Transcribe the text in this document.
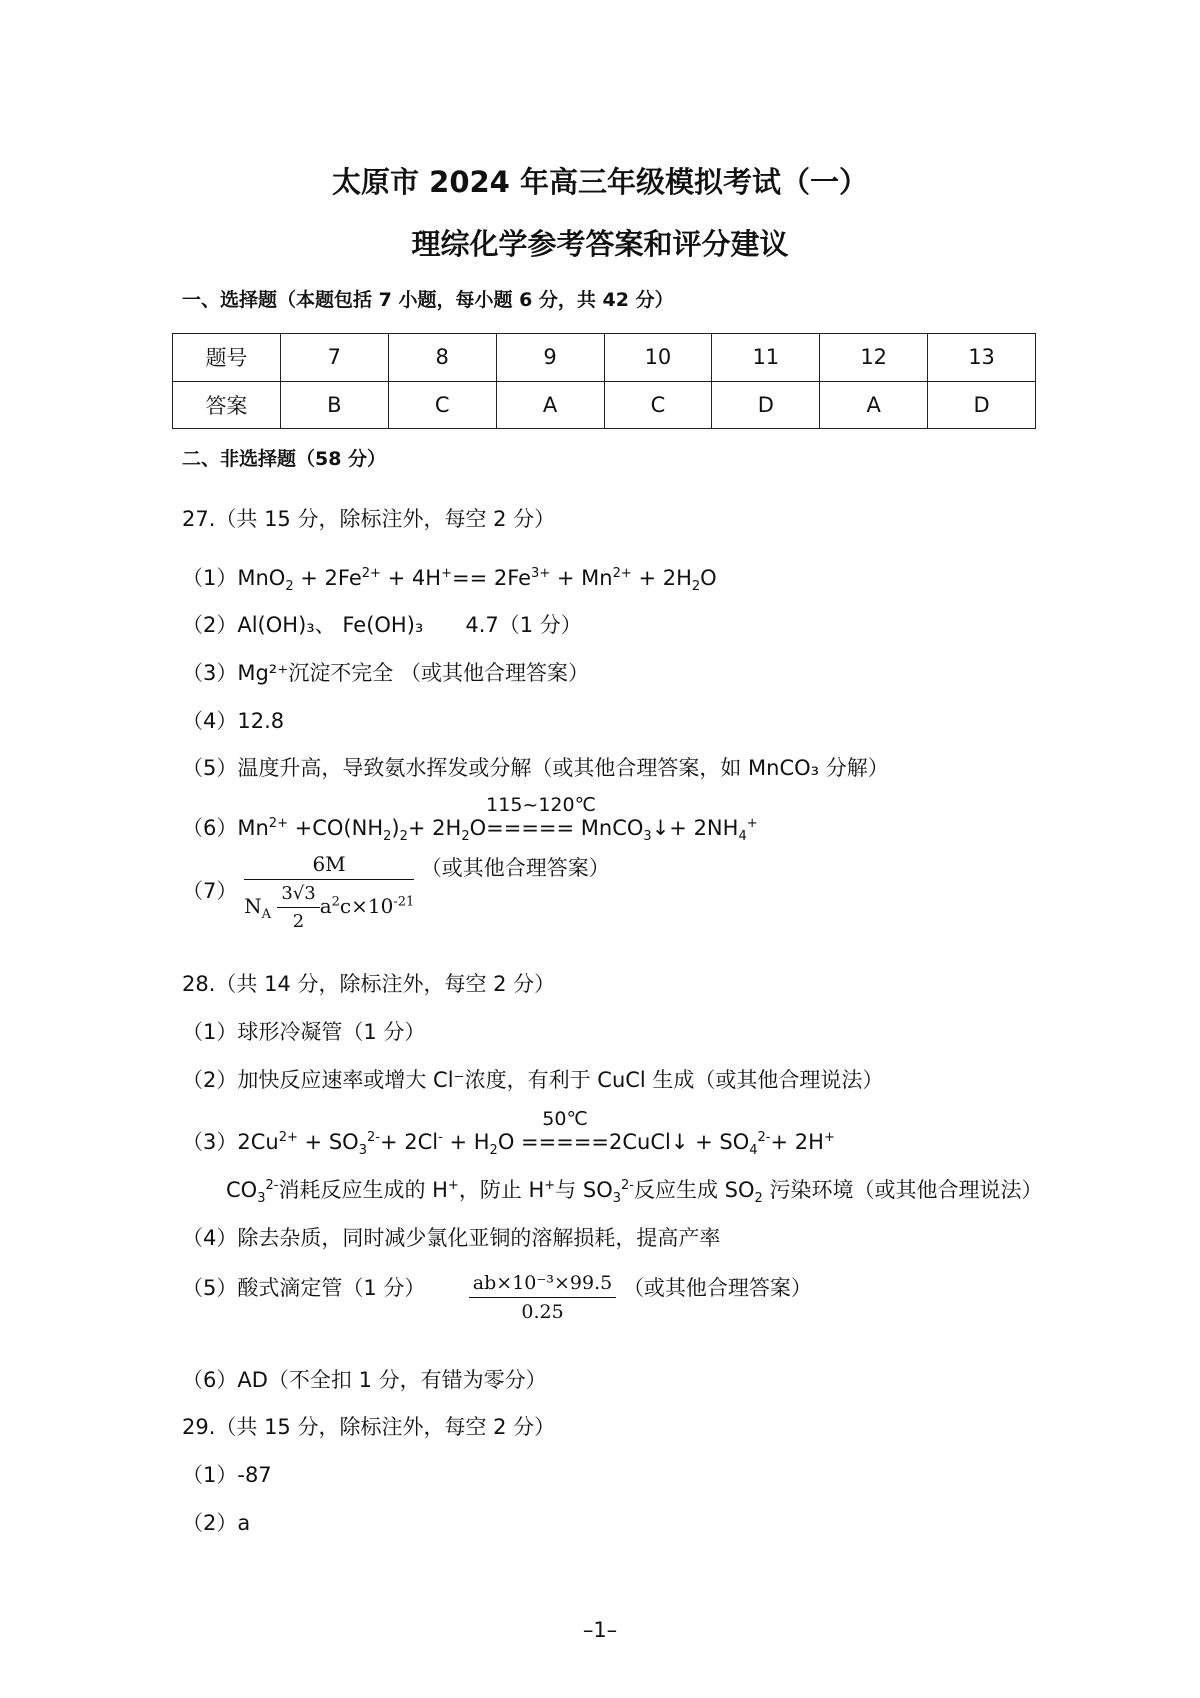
太原市 2024 年高三年级模拟考试（一）
理综化学参考答案和评分建议
一、选择题（本题包括 7 小题，每小题 6 分，共 42 分）
题号	7	8	9	10	11	12	13
答案	B	C	A	C	D	A	D
二、非选择题（58 分）
27.（共 15 分，除标注外，每空 2 分）
$(1)MnO_2 + 2Fe^{2+} + 4H^+== 2Fe^{3+} + Mn^{2+} + 2H_2O$
（2）Al(OH)₃、 Fe(OH)₃　　4.7（1 分）
（3）Mg²⁺沉淀不完全 （或其他合理答案）
（4）12.8
（5）温度升高，导致氨水挥发或分解（或其他合理答案，如 MnCO₃ 分解）
$(6)Mn^{2+} +CO(NH_2)_2+ 2H_2O$
115~120℃
===== MnCO$_3$↓+ $2NH_4^+$
$(7) \frac{6M}{N_A \frac{3√3}{2} a^2c\times 10^{-21}}$ （或其他合理答案）
28.（共 14 分，除标注外，每空 2 分）
（1）球形冷凝管（1 分）
（2）加快反应速率或增大 Cl⁻浓度，有利于 CuCl 生成（或其他合理说法）
$(3)2Cu^{2+} + SO_3^{2-}+ 2Cl^- + H_2O$
50℃
=====2CuCl↓ + $SO_4^{2-}+ 2H^+$
$CO_3^{2-}$消耗反应生成的 H+，防止 H+与 $SO_3^{2-}$反应生成 $SO_2$ 污染环境（或其他合理说法）
（4）除去杂质，同时减少氯化亚铜的溶解损耗，提高产率
（5）酸式滴定管（1 分） $\frac{\text{ab×10⁻³×99.5}}{0.25}$ （或其他合理答案）
（6）AD（不全扣 1 分，有错为零分）
29.（共 15 分，除标注外，每空 2 分）
（1）-87
（2）a
–1–
